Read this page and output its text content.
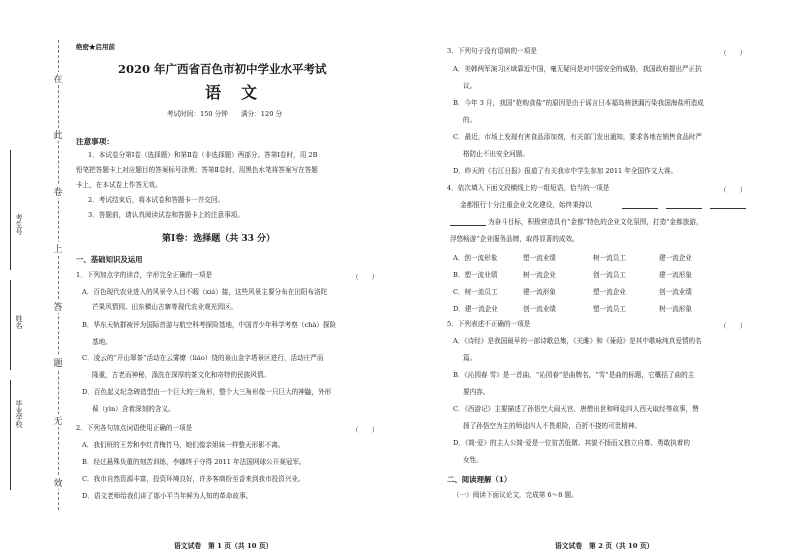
在
此
卷
上
答
题
无
效
考生号
姓名
毕业学校
绝密★启用前
2020 年广西省百色市初中学业水平考试
语　文
考试时间：150 分钟　　满分：120 分
注意事项：
1．本试卷分第Ⅰ卷（选择题）和第Ⅱ卷（非选择题）两部分。答第Ⅰ卷时，用 2B
铅笔把答题卡上对应题目的答案标号涂黑；答第Ⅱ卷时，用黑色水笔将答案写在答题
卡上，在本试卷上作答无效。
2．考试结束后，将本试卷和答题卡一并交回。
3．答题前，请认真阅读试卷和答题卡上的注意事项。
第Ⅰ卷：选择题（共 33 分）
一、基础知识及运用
1．下列加点字的读音，字形完全正确的一项是	（　　）
A．百色现代农业进入的风景令人目不暇（xiá）接，这些风景主要分布在田阳布洛陀
芒果风情园、田东横山古寨等现代农业观光园区。
B．华东天轨群被评为国际首游与航空科考探险基地，中国青少年科学考察（chà）探险
基地。
C．凌云的“开山翠茶”活动在云雾缭（liáo）绕的泉山金字塔景区进行，活动庄严而
隆重，古老而神秘，涤洗在深厚的茶文化和奇特的民族风情。
D．百色起义纪念碑造型由一个巨大的三角形，整个大三角形像一只巨大的神鼬，外形
葆（yìn）含着深刻的含义。
2．下列各句加点词语使用正确的一项是	（　　）
A．我们班的王芳和李红青梅竹马，她们像亲姐妹一样整天形影不离。
B．经过悬殊负重的刻苦训练，李娜终于夺得 2011 年法国网球公开赛冠军。
C．我市自然资源丰富，投资环境良好，许多客商纷至沓来到我市投资兴业。
D．语文老师给我们讲了那小平当年鲜为人知的革命故事。
语文试卷　第 1 页（共 10 页）
3．下列句子没有语病的一项是	（　　）
A．美韩两军演习区域靠近中国，毫无疑问是对中国安全的威胁，我国政府提出严正抗
议。
B．今年 3 月，我国“抢购食盐”的原因是由于谣言日本福岛核泄漏污染我国海盐所造成
的。
C．最近，市场上发现有害食品添加剂，有关部门发出通知，要求各地在销售食品时严
格防止不出安全问题。
D．昨天的《右江日报》报道了有关我市中学生参加 2011 年全国作文大赛。
4．依次填入下面文段横线上的一组短语，恰当的一项是	（　　）
金都银行十分注重企业文化建设，始终秉持以
为奋斗目标，积极营造具有“金都”特色的企业文化氛围，打造“金都旅游，
浮悠畅游”企业服务品牌，取得显著的成效。
A．创一流形象	塑一流业绩	树一流员工	建一流企业
B．塑一流业绩	树一流企业	创一流员工	建一流形象
C．树一流员工	建一流形象	塑一流企业	创一流业绩
D．建一流企业	创一流业绩	塑一流员工	树一流形象
5．下列表述不正确的一项是	（　　）
A．《诗经》是我国最早的一部诗歌总集，《关雎》和《蒹葭》是其中歌咏纯真爱情的名
篇。
B．《沁园春 雪》是一首曲，“沁园春”是曲牌名，“雪”是曲的标题，它概括了曲的主
要内容。
C．《西游记》主要描述了孙悟空大闹天宫、唐僧出世和师徒四人西天取经等故事，赞
扬了孙悟空为主的师徒四人不畏艰险，百折不挠的可贵精神。
D．《简·爱》的主人公简·爱是一位贫苦低微、其貌不扬而又独立自尊、勇敢执着的
女性。
二、阅读理解（1）
（一）阅读下面议论文，完成第 6～8 题。
语文试卷　第 2 页（共 10 页）
